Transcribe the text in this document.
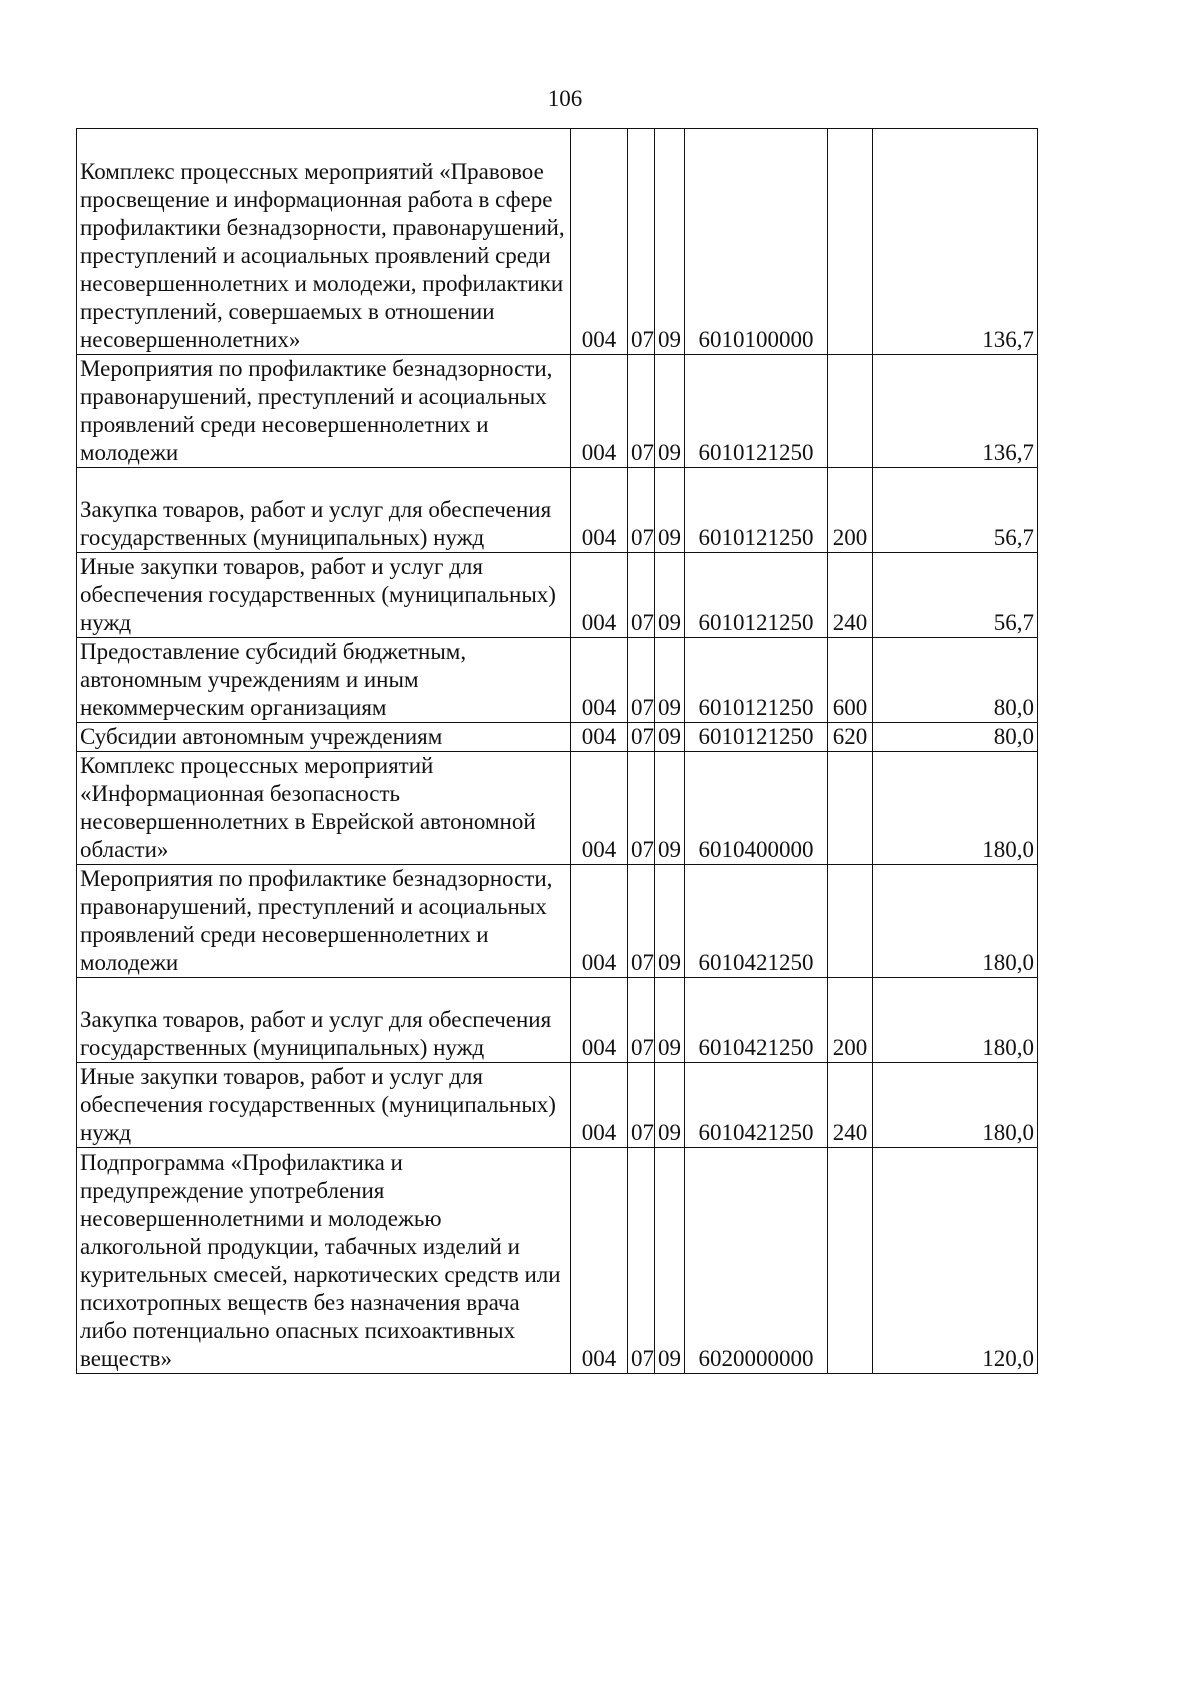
106
Комплекс процессных мероприятий «Правовое просвещение и информационная работа в сфере профилактики безнадзорности, правонарушений, преступлений и асоциальных проявлений среди несовершеннолетних и молодежи, профилактики преступлений, совершаемых в отношении несовершеннолетних»	004	07	09	6010100000		136,7
Мероприятия по профилактике безнадзорности, правонарушений, преступлений и асоциальных проявлений среди несовершеннолетних и молодежи	004	07	09	6010121250		136,7
Закупка товаров, работ и услуг для обеспечения государственных (муниципальных) нужд	004	07	09	6010121250	200	56,7
Иные закупки товаров, работ и услуг для обеспечения государственных (муниципальных) нужд	004	07	09	6010121250	240	56,7
Предоставление субсидий бюджетным, автономным учреждениям и иным некоммерческим организациям	004	07	09	6010121250	600	80,0
Субсидии автономным учреждениям	004	07	09	6010121250	620	80,0
Комплекс процессных мероприятий «Информационная безопасность несовершеннолетних в Еврейской автономной области»	004	07	09	6010400000		180,0
Мероприятия по профилактике безнадзорности, правонарушений, преступлений и асоциальных проявлений среди несовершеннолетних и молодежи	004	07	09	6010421250		180,0
Закупка товаров, работ и услуг для обеспечения государственных (муниципальных) нужд	004	07	09	6010421250	200	180,0
Иные закупки товаров, работ и услуг для обеспечения государственных (муниципальных) нужд	004	07	09	6010421250	240	180,0
Подпрограмма «Профилактика и предупреждение употребления несовершеннолетними и молодежью алкогольной продукции, табачных изделий и курительных смесей, наркотических средств или психотропных веществ без назначения врача либо потенциально опасных психоактивных веществ»	004	07	09	6020000000		120,0
